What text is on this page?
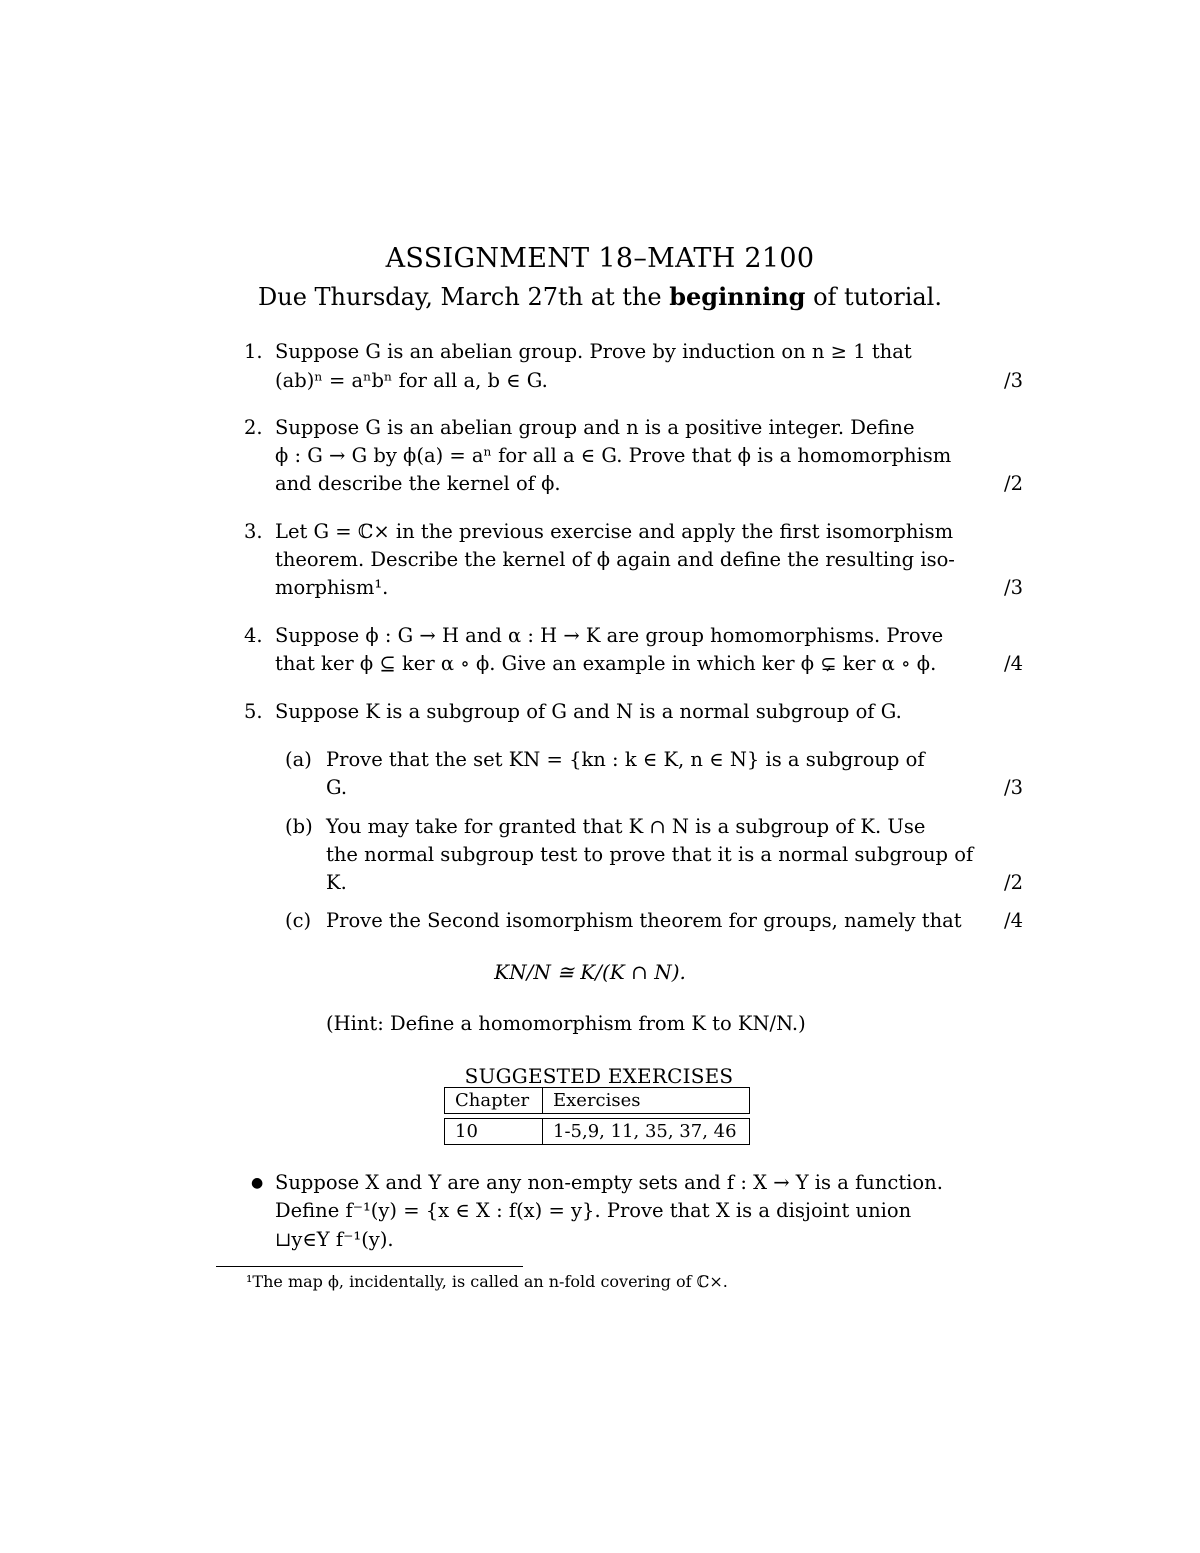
ASSIGNMENT 18–MATH 2100
Due Thursday, March 27th at the beginning of tutorial.
1. Suppose G is an abelian group. Prove by induction on n ≥ 1 that
(ab)ⁿ = aⁿbⁿ for all a, b ∈ G.	/3
2. Suppose G is an abelian group and n is a positive integer. Define
ϕ : G → G by ϕ(a) = aⁿ for all a ∈ G. Prove that ϕ is a homomorphism
and describe the kernel of ϕ.	/2
3. Let G = ℂ× in the previous exercise and apply the first isomorphism
theorem. Describe the kernel of ϕ again and define the resulting iso-
morphism¹.	/3
4. Suppose ϕ : G → H and α : H → K are group homomorphisms. Prove
that ker ϕ ⊆ ker α ∘ ϕ. Give an example in which ker ϕ ⊊ ker α ∘ ϕ.	/4
5. Suppose K is a subgroup of G and N is a normal subgroup of G.
(a) Prove that the set KN = {kn : k ∈ K, n ∈ N} is a subgroup of
G.	/3
(b) You may take for granted that K ∩ N is a subgroup of K. Use
the normal subgroup test to prove that it is a normal subgroup of
K.	/2
(c) Prove the Second isomorphism theorem for groups, namely that	/4
KN/N ≅ K/(K ∩ N).
(Hint: Define a homomorphism from K to KN/N.)
SUGGESTED EXERCISES
Chapter	Exercises

10	1-5,9, 11, 35, 37, 46
● Suppose X and Y are any non-empty sets and f : X → Y is a function.
Define f⁻¹(y) = {x ∈ X : f(x) = y}. Prove that X is a disjoint union
⊔y∈Y f⁻¹(y).
¹The map ϕ, incidentally, is called an n-fold covering of ℂ×.
